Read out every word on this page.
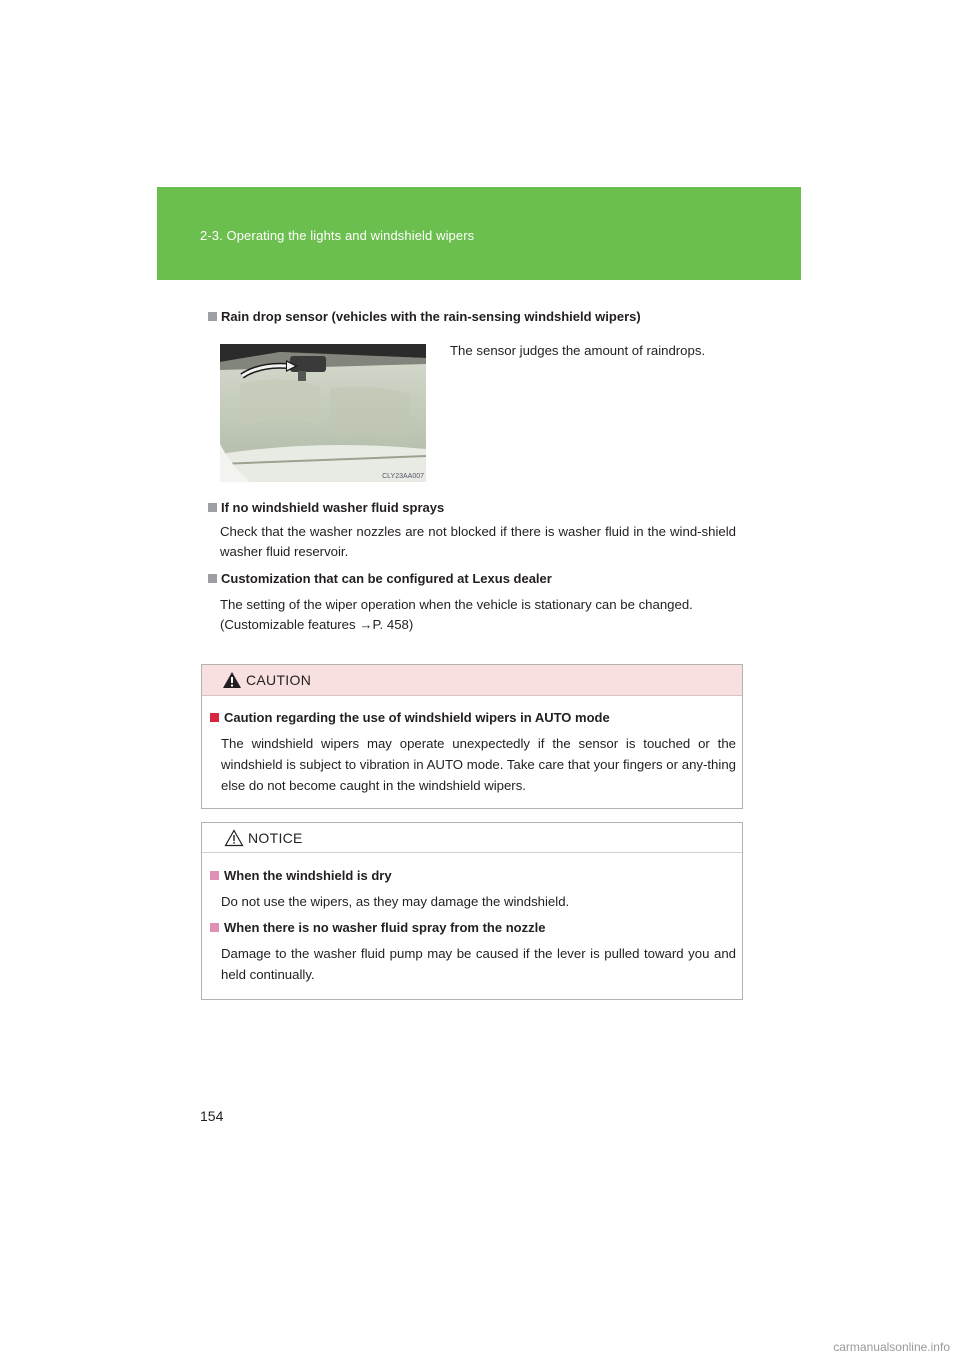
2-3. Operating the lights and windshield wipers
Rain drop sensor (vehicles with the rain-sensing windshield wipers)
CLY23AA007
The sensor judges the amount of raindrops.
If no windshield washer fluid sprays
Check that the washer nozzles are not blocked if there is washer fluid in the wind-shield washer fluid reservoir.
Customization that can be configured at Lexus dealer
The setting of the wiper operation when the vehicle is stationary can be changed.
(Customizable features →P. 458)
CAUTION
Caution regarding the use of windshield wipers in AUTO mode
The windshield wipers may operate unexpectedly if the sensor is touched or the windshield is subject to vibration in AUTO mode. Take care that your fingers or any-thing else do not become caught in the windshield wipers.
NOTICE
When the windshield is dry
Do not use the wipers, as they may damage the windshield.
When there is no washer fluid spray from the nozzle
Damage to the washer fluid pump may be caused if the lever is pulled toward you and held continually.
154
carmanualsonline.info
